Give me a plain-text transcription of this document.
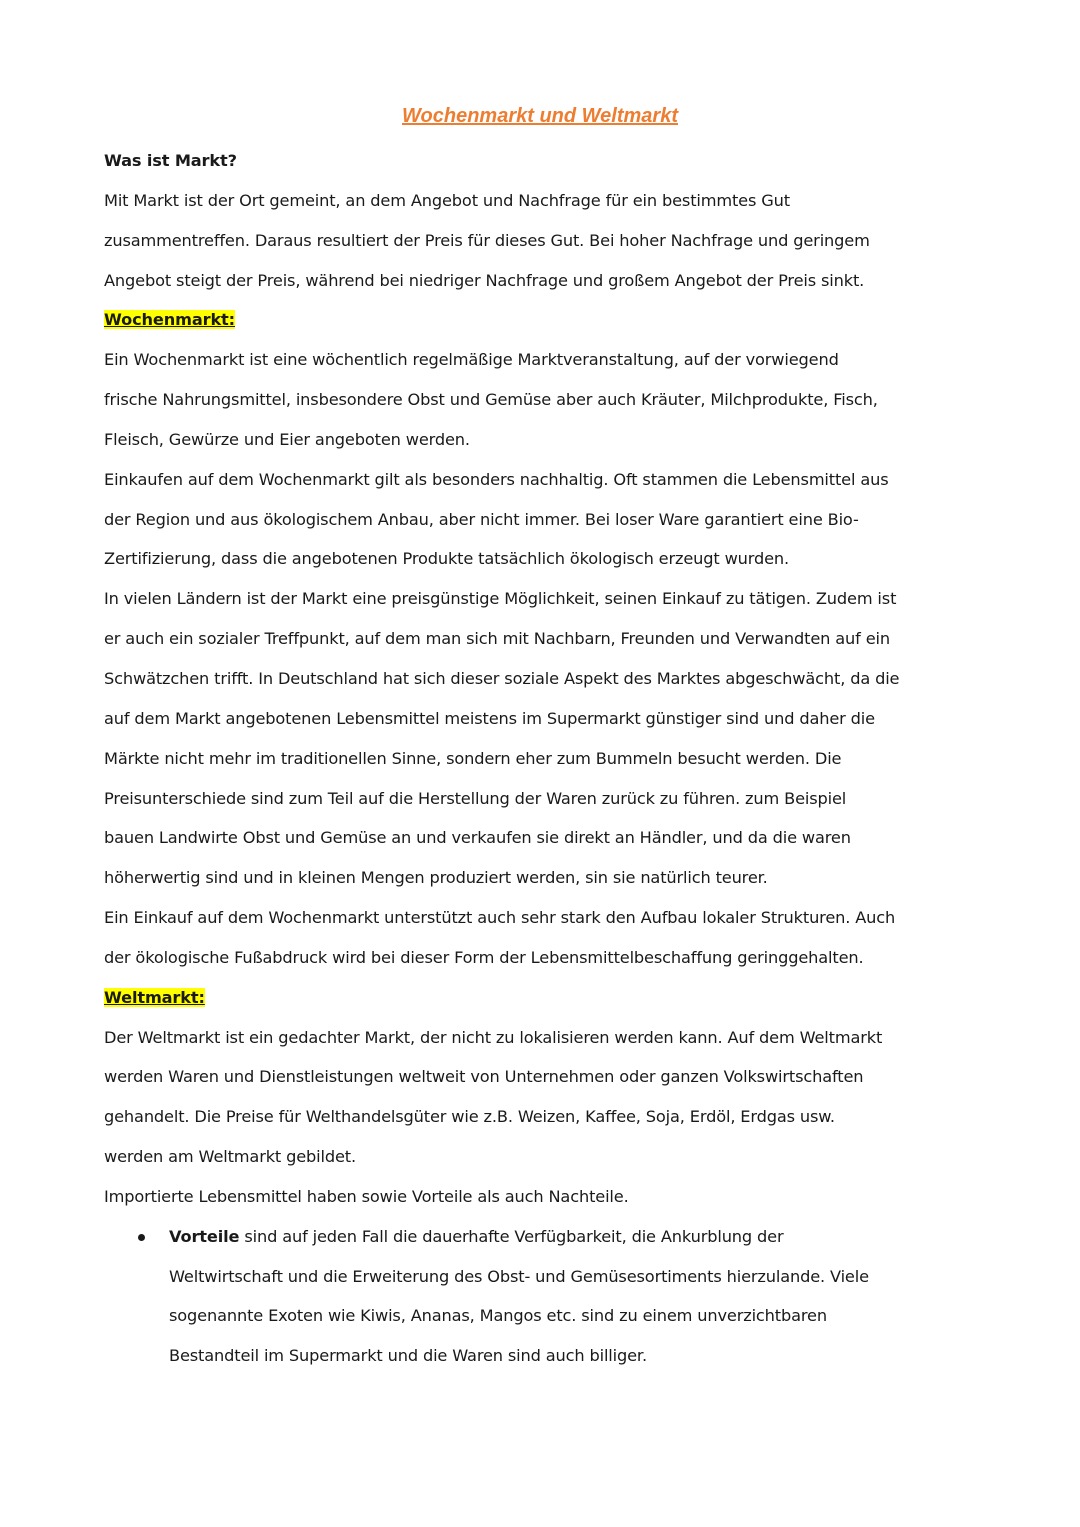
Wochenmarkt und Weltmarkt
Was ist Markt?
Mit Markt ist der Ort gemeint, an dem Angebot und Nachfrage für ein bestimmtes Gut
zusammentreffen. Daraus resultiert der Preis für dieses Gut. Bei hoher Nachfrage und geringem
Angebot steigt der Preis, während bei niedriger Nachfrage und großem Angebot der Preis sinkt.
Wochenmarkt:
Ein Wochenmarkt ist eine wöchentlich regelmäßige Marktveranstaltung, auf der vorwiegend
frische Nahrungsmittel, insbesondere Obst und Gemüse aber auch Kräuter, Milchprodukte, Fisch,
Fleisch, Gewürze und Eier angeboten werden.
Einkaufen auf dem Wochenmarkt gilt als besonders nachhaltig. Oft stammen die Lebensmittel aus
der Region und aus ökologischem Anbau, aber nicht immer. Bei loser Ware garantiert eine Bio-
Zertifizierung, dass die angebotenen Produkte tatsächlich ökologisch erzeugt wurden.
In vielen Ländern ist der Markt eine preisgünstige Möglichkeit, seinen Einkauf zu tätigen. Zudem ist
er auch ein sozialer Treffpunkt, auf dem man sich mit Nachbarn, Freunden und Verwandten auf ein
Schwätzchen trifft. In Deutschland hat sich dieser soziale Aspekt des Marktes abgeschwächt, da die
auf dem Markt angebotenen Lebensmittel meistens im Supermarkt günstiger sind und daher die
Märkte nicht mehr im traditionellen Sinne, sondern eher zum Bummeln besucht werden. Die
Preisunterschiede sind zum Teil auf die Herstellung der Waren zurück zu führen. zum Beispiel
bauen Landwirte Obst und Gemüse an und verkaufen sie direkt an Händler, und da die waren
höherwertig sind und in kleinen Mengen produziert werden, sin sie natürlich teurer.
Ein Einkauf auf dem Wochenmarkt unterstützt auch sehr stark den Aufbau lokaler Strukturen. Auch
der ökologische Fußabdruck wird bei dieser Form der Lebensmittelbeschaffung geringgehalten.
Weltmarkt:
Der Weltmarkt ist ein gedachter Markt, der nicht zu lokalisieren werden kann. Auf dem Weltmarkt
werden Waren und Dienstleistungen weltweit von Unternehmen oder ganzen Volkswirtschaften
gehandelt. Die Preise für Welthandelsgüter wie z.B. Weizen, Kaffee, Soja, Erdöl, Erdgas usw.
werden am Weltmarkt gebildet.
Importierte Lebensmittel haben sowie Vorteile als auch Nachteile.
Vorteile sind auf jeden Fall die dauerhafte Verfügbarkeit, die Ankurblung der
Weltwirtschaft und die Erweiterung des Obst- und Gemüsesortiments hierzulande. Viele
sogenannte Exoten wie Kiwis, Ananas, Mangos etc. sind zu einem unverzichtbaren
Bestandteil im Supermarkt und die Waren sind auch billiger.
